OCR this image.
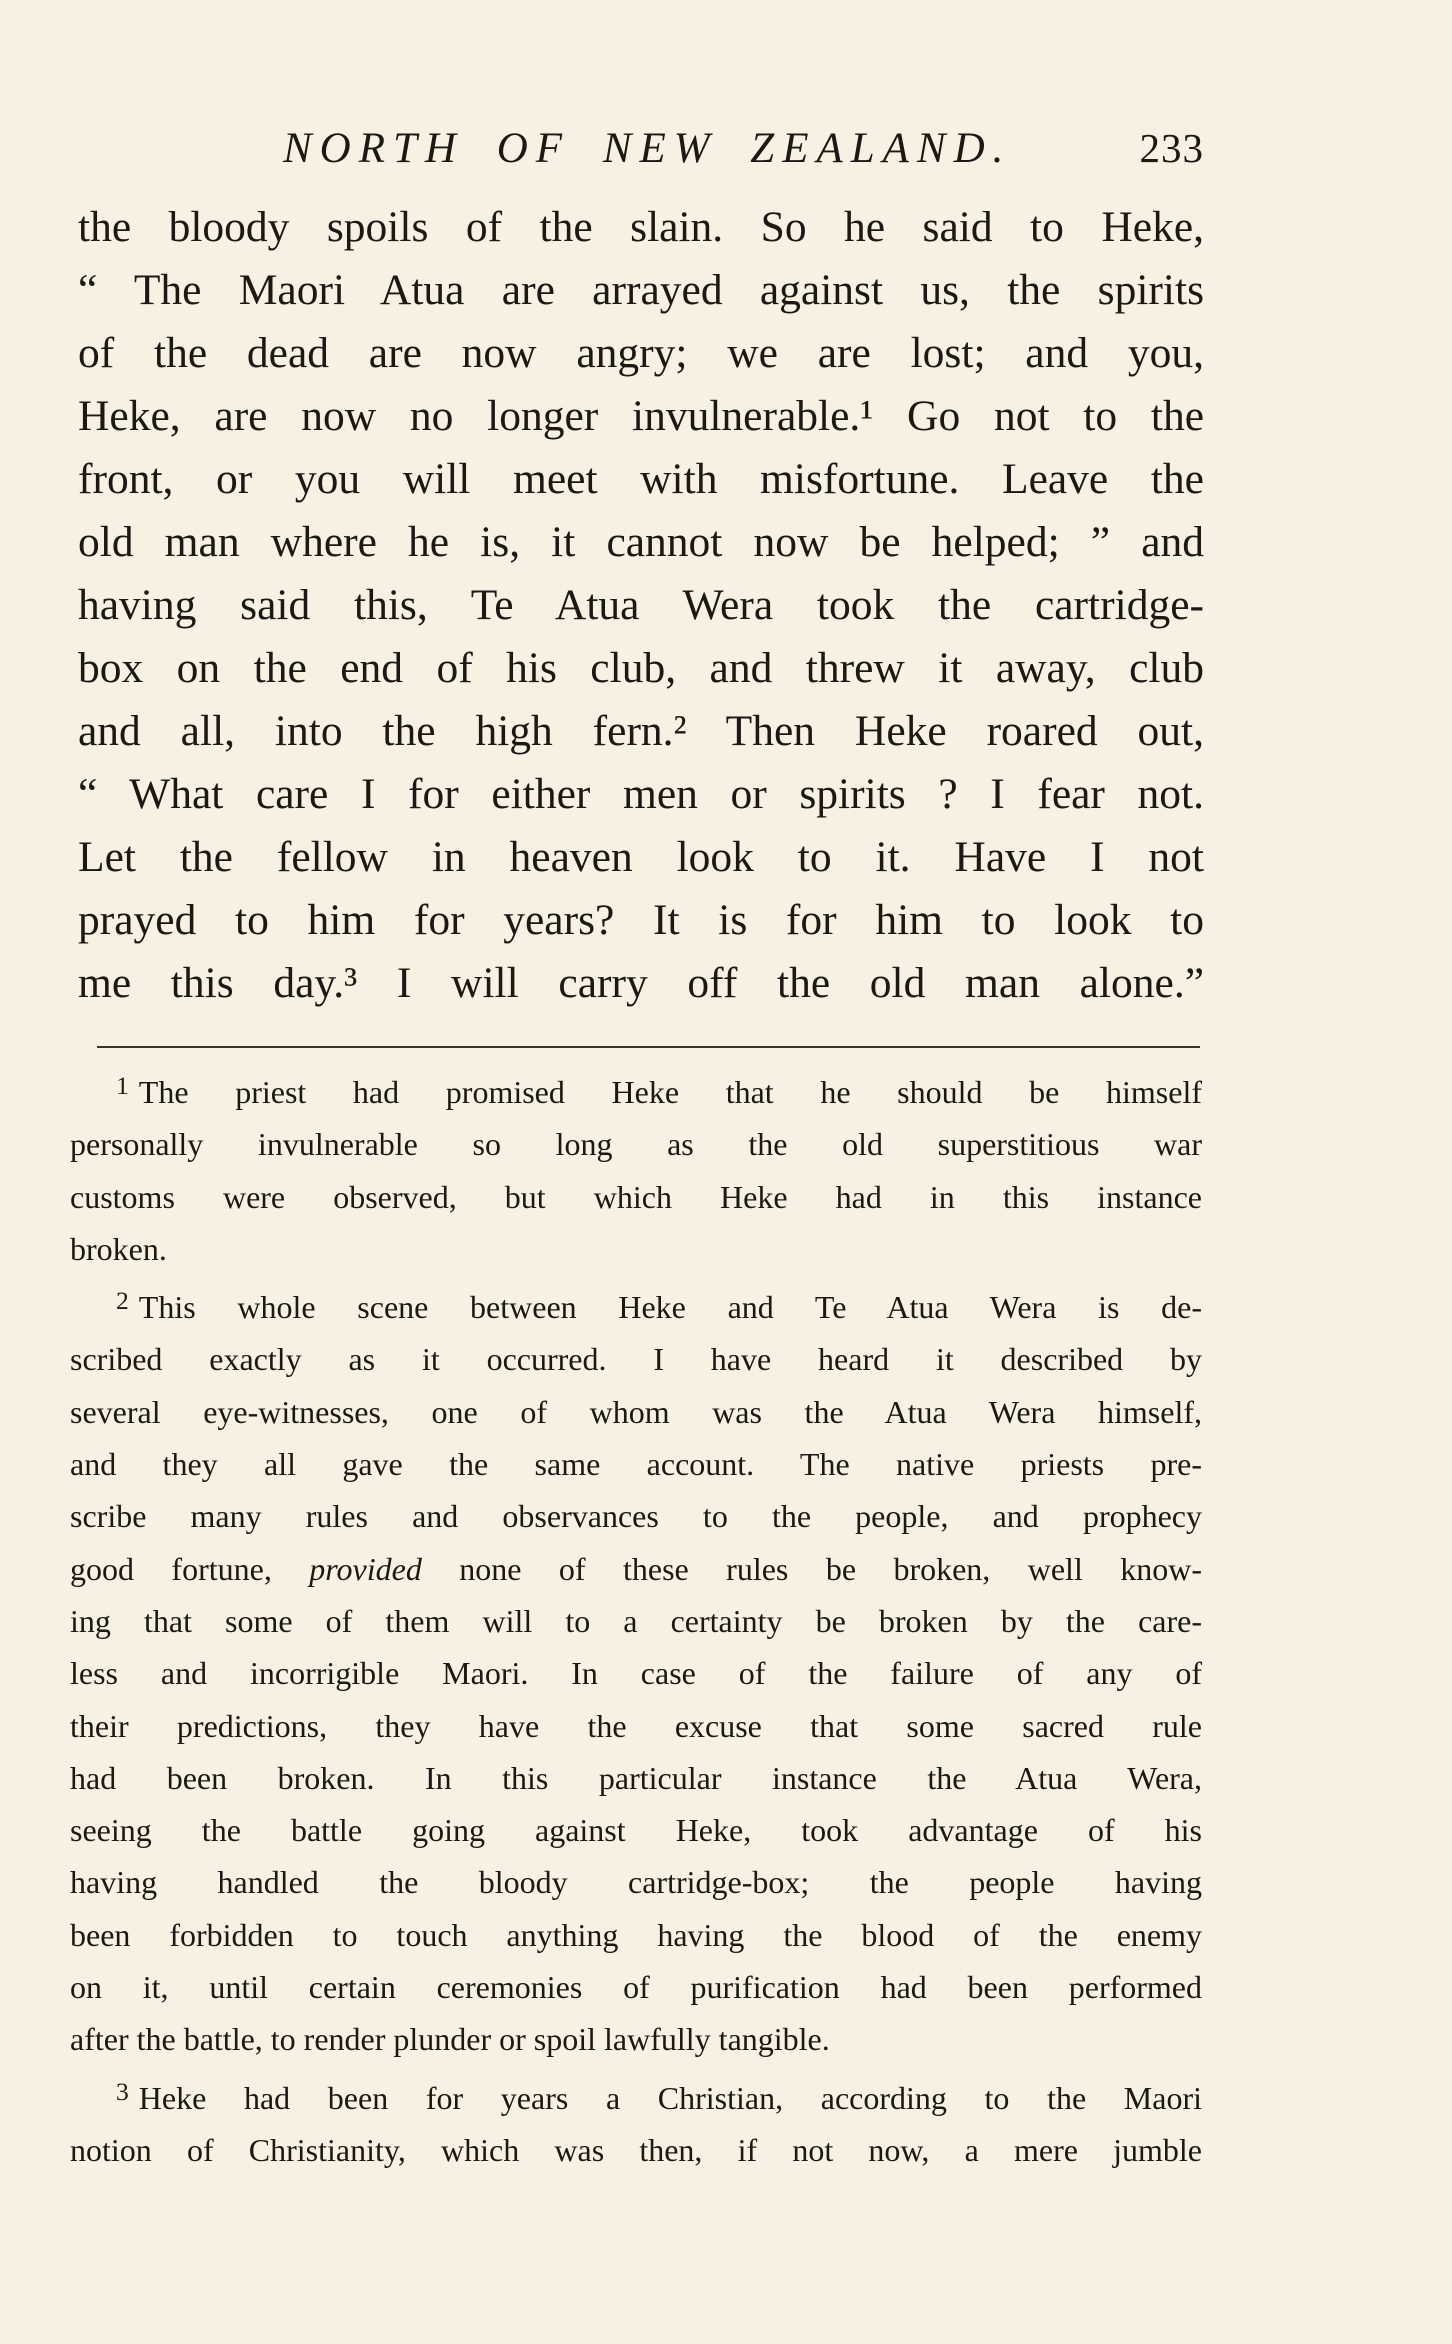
NORTH OF NEW ZEALAND.	233
the bloody spoils of the slain. So he said to Heke,
“ The Maori Atua are arrayed against us, the spirits
of the dead are now angry; we are lost; and you,
Heke, are now no longer invulnerable.¹ Go not to the
front, or you will meet with misfortune. Leave the
old man where he is, it cannot now be helped; ” and
having said this, Te Atua Wera took the cartridge-
box on the end of his club, and threw it away, club
and all, into the high fern.² Then Heke roared out,
“ What care I for either men or spirits ? I fear not.
Let the fellow in heaven look to it. Have I not
prayed to him for years? It is for him to look to
me this day.³ I will carry off the old man alone.”
$^1$ The priest had promised Heke that he should be himself
personally invulnerable so long as the old superstitious war
customs were observed, but which Heke had in this instance
broken.
$^2$ This whole scene between Heke and Te Atua Wera is de-
scribed exactly as it occurred. I have heard it described by
several eye-witnesses, one of whom was the Atua Wera himself,
and they all gave the same account. The native priests pre-
scribe many rules and observances to the people, and prophecy
good fortune, provided none of these rules be broken, well know-
ing that some of them will to a certainty be broken by the care-
less and incorrigible Maori. In case of the failure of any of
their predictions, they have the excuse that some sacred rule
had been broken. In this particular instance the Atua Wera,
seeing the battle going against Heke, took advantage of his
having handled the bloody cartridge-box; the people having
been forbidden to touch anything having the blood of the enemy
on it, until certain ceremonies of purification had been performed
after the battle, to render plunder or spoil lawfully tangible.
$^3$ Heke had been for years a Christian, according to the Maori
notion of Christianity, which was then, if not now, a mere jumble
